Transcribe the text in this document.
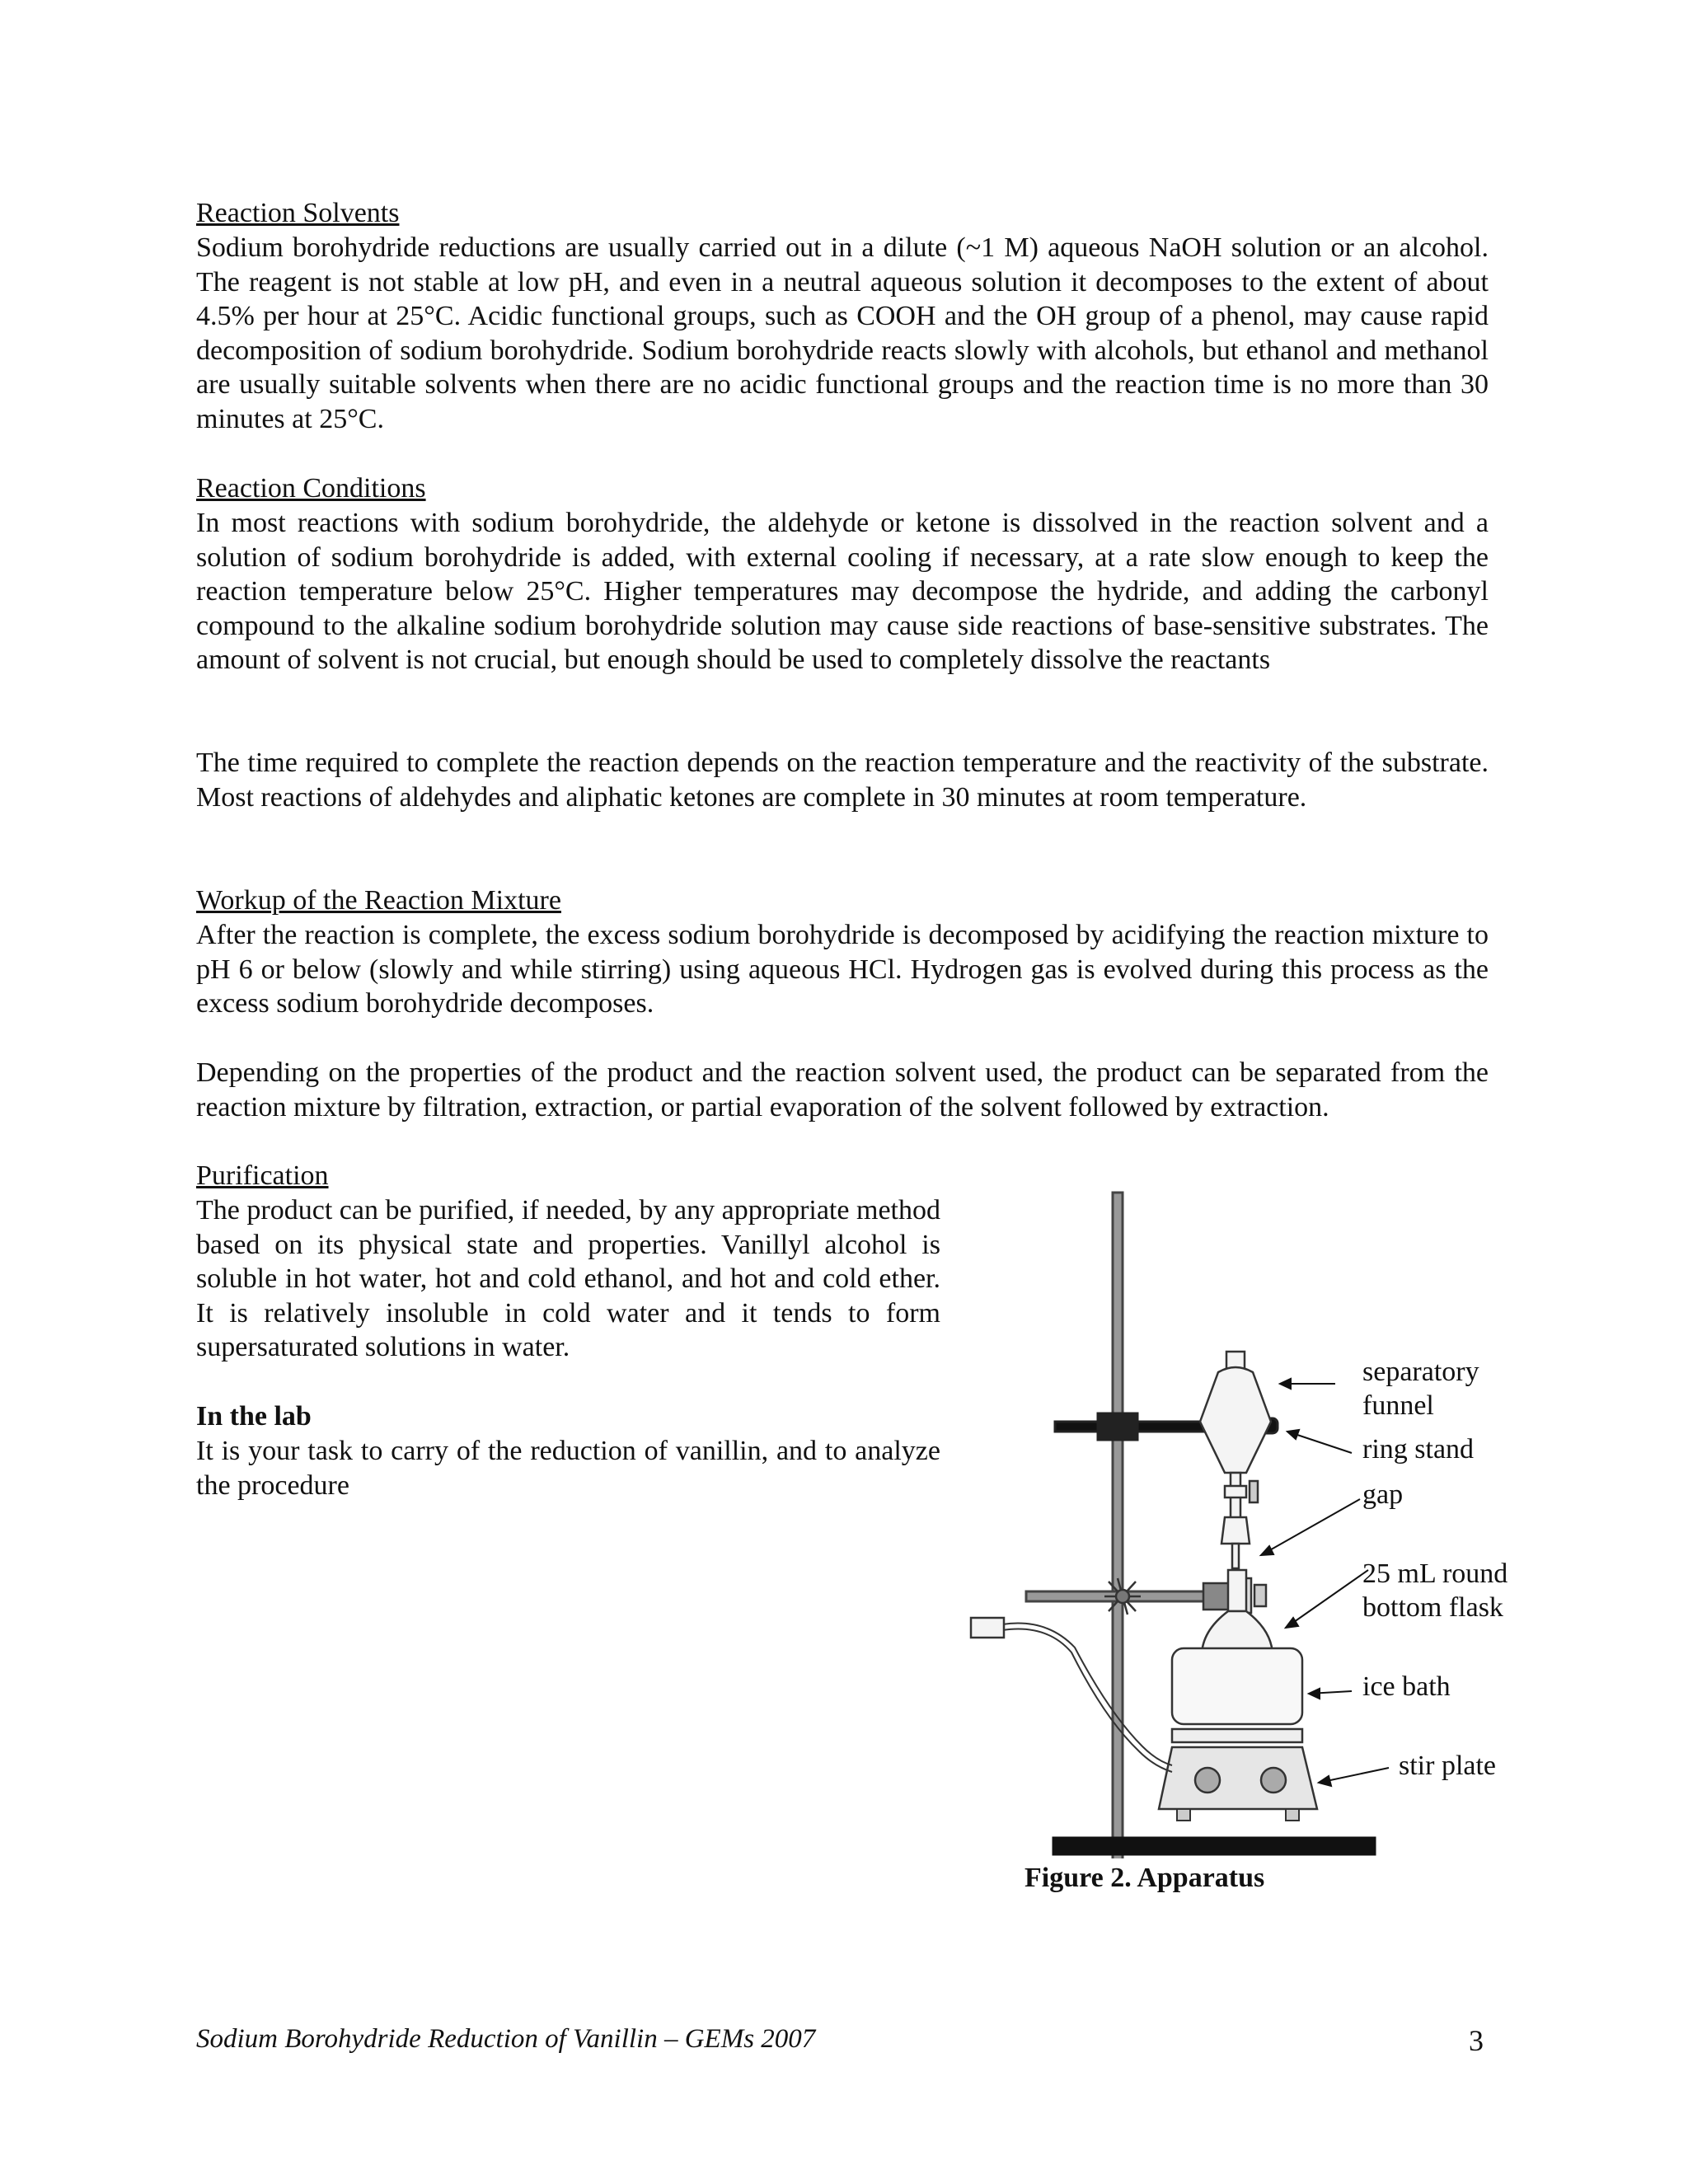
Reaction Solvents

Sodium borohydride reductions are usually carried out in a dilute (~1 M) aqueous NaOH solution or an alcohol. The reagent is not stable at low pH, and even in a neutral aqueous solution it decomposes to the extent of about 4.5% per hour at 25°C. Acidic functional groups, such as COOH and the OH group of a phenol, may cause rapid decomposition of sodium borohydride. Sodium borohydride reacts slowly with alcohols, but ethanol and methanol are usually suitable solvents when there are no acidic functional groups and the reaction time is no more than 30 minutes at 25°C.

Reaction Conditions

In most reactions with sodium borohydride, the aldehyde or ketone is dissolved in the reaction solvent and a solution of sodium borohydride is added, with external cooling if necessary, at a rate slow enough to keep the reaction temperature below 25°C. Higher temperatures may decompose the hydride, and adding the carbonyl compound to the alkaline sodium borohydride solution may cause side reactions of base-sensitive substrates. The amount of solvent is not crucial, but enough should be used to completely dissolve the reactants

The time required to complete the reaction depends on the reaction temperature and the reactivity of the substrate. Most reactions of aldehydes and aliphatic ketones are complete in 30 minutes at room temperature.

Workup of the Reaction Mixture

After the reaction is complete, the excess sodium borohydride is decomposed by acidifying the reaction mixture to pH 6 or below (slowly and while stirring) using aqueous HCl. Hydrogen gas is evolved during this process as the excess sodium borohydride decomposes.

Depending on the properties of the product and the reaction solvent used, the product can be separated from the reaction mixture by filtration, extraction, or partial evaporation of the solvent followed by extraction.

Purification

The product can be purified, if needed, by any appropriate method based on its physical state and properties. Vanillyl alcohol is soluble in hot water, hot and cold ethanol, and hot and cold ether. It is relatively insoluble in cold water and it tends to form supersaturated solutions in water.

In the lab

It is your task to carry of the reduction of vanillin, and to analyze the procedure

separatory
funnel
ring stand
gap
25 mL round
bottom flask
ice bath
stir plate
Figure 2. Apparatus
Sodium Borohydride Reduction of Vanillin – GEMs 2007	3
